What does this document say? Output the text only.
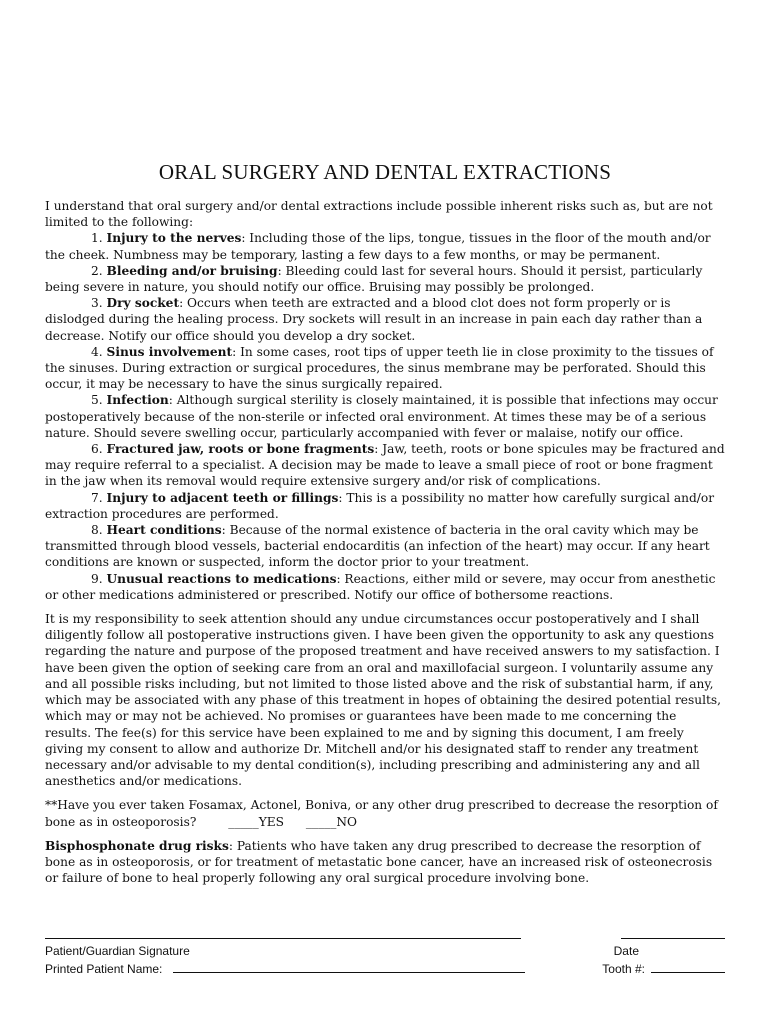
ORAL SURGERY AND DENTAL EXTRACTIONS

I understand that oral surgery and/or dental extractions include possible inherent risks such as, but are not limited to the following:

1. Injury to the nerves: Including those of the lips, tongue, tissues in the floor of the mouth and/or the cheek. Numbness may be temporary, lasting a few days to a few months, or may be permanent.

2. Bleeding and/or bruising: Bleeding could last for several hours. Should it persist, particularly being severe in nature, you should notify our office. Bruising may possibly be prolonged.

3. Dry socket: Occurs when teeth are extracted and a blood clot does not form properly or is dislodged during the healing process. Dry sockets will result in an increase in pain each day rather than a decrease. Notify our office should you develop a dry socket.

4. Sinus involvement: In some cases, root tips of upper teeth lie in close proximity to the tissues of the sinuses. During extraction or surgical procedures, the sinus membrane may be perforated. Should this occur, it may be necessary to have the sinus surgically repaired.

5. Infection: Although surgical sterility is closely maintained, it is possible that infections may occur postoperatively because of the non-sterile or infected oral environment. At times these may be of a serious nature. Should severe swelling occur, particularly accompanied with fever or malaise, notify our office.

6. Fractured jaw, roots or bone fragments: Jaw, teeth, roots or bone spicules may be fractured and may require referral to a specialist. A decision may be made to leave a small piece of root or bone fragment in the jaw when its removal would require extensive surgery and/or risk of complications.

7. Injury to adjacent teeth or fillings: This is a possibility no matter how carefully surgical and/or extraction procedures are performed.

8. Heart conditions: Because of the normal existence of bacteria in the oral cavity which may be transmitted through blood vessels, bacterial endocarditis (an infection of the heart) may occur. If any heart conditions are known or suspected, inform the doctor prior to your treatment.

9. Unusual reactions to medications: Reactions, either mild or severe, may occur from anesthetic or other medications administered or prescribed. Notify our office of bothersome reactions.

It is my responsibility to seek attention should any undue circumstances occur postoperatively and I shall diligently follow all postoperative instructions given. I have been given the opportunity to ask any questions regarding the nature and purpose of the proposed treatment and have received answers to my satisfaction. I have been given the option of seeking care from an oral and maxillofacial surgeon. I voluntarily assume any and all possible risks including, but not limited to those listed above and the risk of substantial harm, if any, which may be associated with any phase of this treatment in hopes of obtaining the desired potential results, which may or may not be achieved. No promises or guarantees have been made to me concerning the results. The fee(s) for this service have been explained to me and by signing this document, I am freely giving my consent to allow and authorize Dr. Mitchell and/or his designated staff to render any treatment necessary and/or advisable to my dental condition(s), including prescribing and administering any and all anesthetics and/or medications.

**Have you ever taken Fosamax, Actonel, Boniva, or any other drug prescribed to decrease the resorption of bone as in osteoporosis?	_____YES _____NO

Bisphosphonate drug risks: Patients who have taken any drug prescribed to decrease the resorption of bone as in osteoporosis, or for treatment of metastatic bone cancer, have an increased risk of osteonecrosis or failure of bone to heal properly following any oral surgical procedure involving bone.

Patient/Guardian Signature	Date
Printed Patient Name:	Tooth #:
